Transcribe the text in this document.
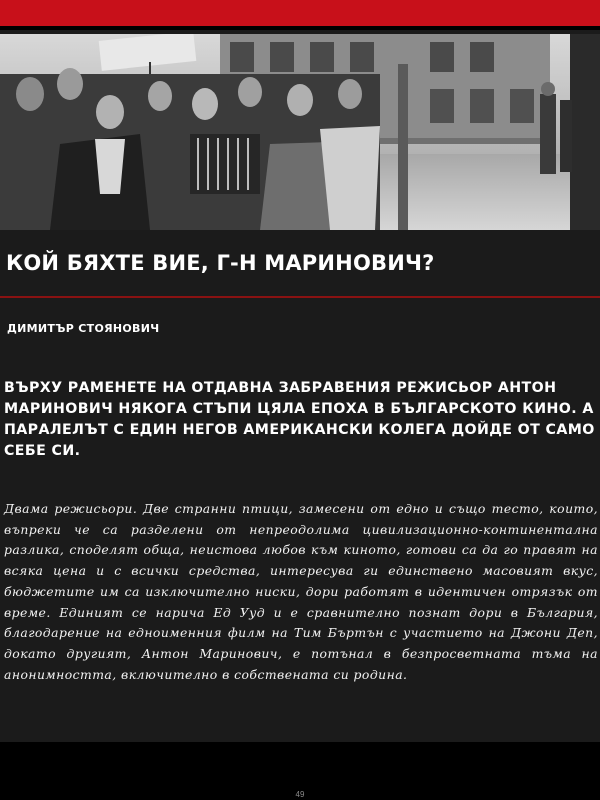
КОЙ БЯХТЕ ВИЕ, Г-Н МАРИНОВИЧ?
ДИМИТЪР СТОЯНОВИЧ
ВЪРХУ РАМЕНЕТЕ НА ОТДАВНА ЗАБРАВЕНИЯ РЕЖИСЬОР АНТОН МАРИНОВИЧ НЯКОГА СТЪПИ ЦЯЛА ЕПОХА В БЪЛГАРСКОТО КИНО. А ПАРАЛЕЛЪТ С ЕДИН НЕГОВ АМЕРИКАНСКИ КОЛЕГА ДОЙДЕ ОТ САМО СЕБЕ СИ.
Двама режисьори. Две странни птици, замесени от едно и също тесто, които, въпреки че са разделени от непреодолима цивилизационно-континентална разлика, споделят обща, неистова любов към киното, готови са да го правят на всяка цена и с всички средства, интересува ги единствено масовият вкус, бюджетите им са изключително ниски, дори работят в идентичен отрязък от време. Единият се нарича Ед Ууд и е сравнително познат дори в България, благодарение на едноименния филм на Тим Бъртън с участието на Джони Деп, докато другият, Антон Маринович, е потънал в безпросветната тъма на анонимността, включително в собствената си родина.
49
